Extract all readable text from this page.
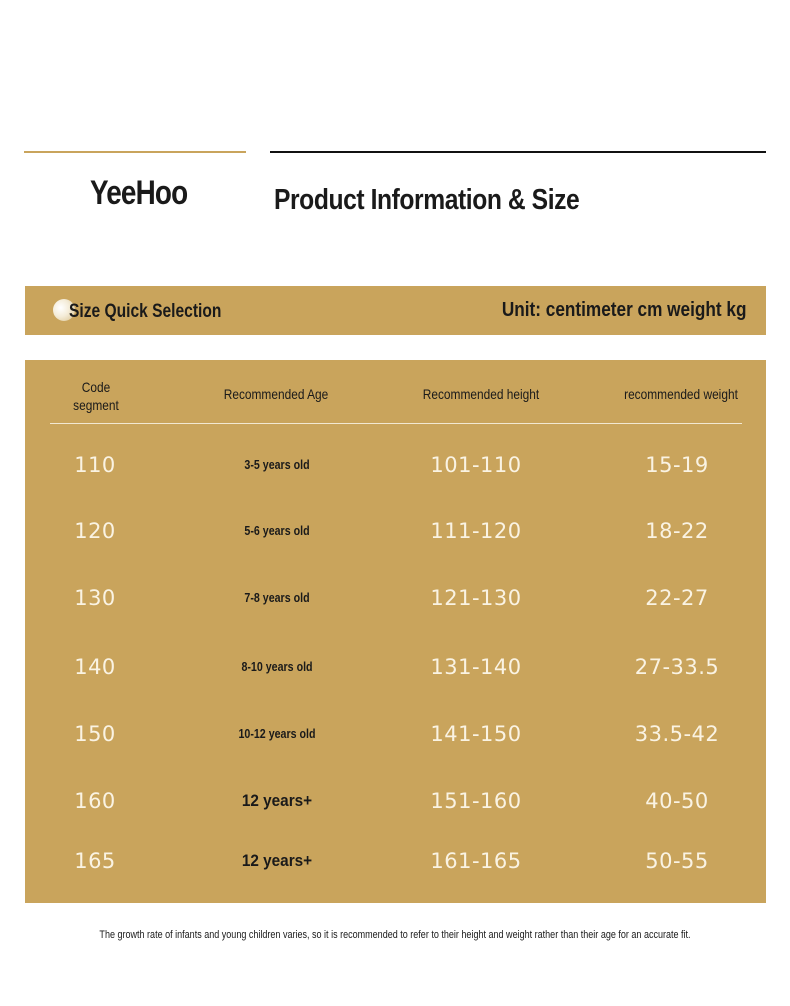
YeeHoo	Product Information & Size
Size Quick Selection	Unit: centimeter cm weight kg
Code
segment
Recommended Age	Recommended height	recommended weight
110	3-5 years old	101-110	15-19
120	5-6 years old	111-120	18-22
130	7-8 years old	121-130	22-27
140	8-10 years old	131-140	27-33.5
150	10-12 years old	141-150	33.5-42
160	12 years+	151-160	40-50
165	12 years+	161-165	50-55
The growth rate of infants and young children varies, so it is recommended to refer to their height and weight rather than their age for an accurate fit.
